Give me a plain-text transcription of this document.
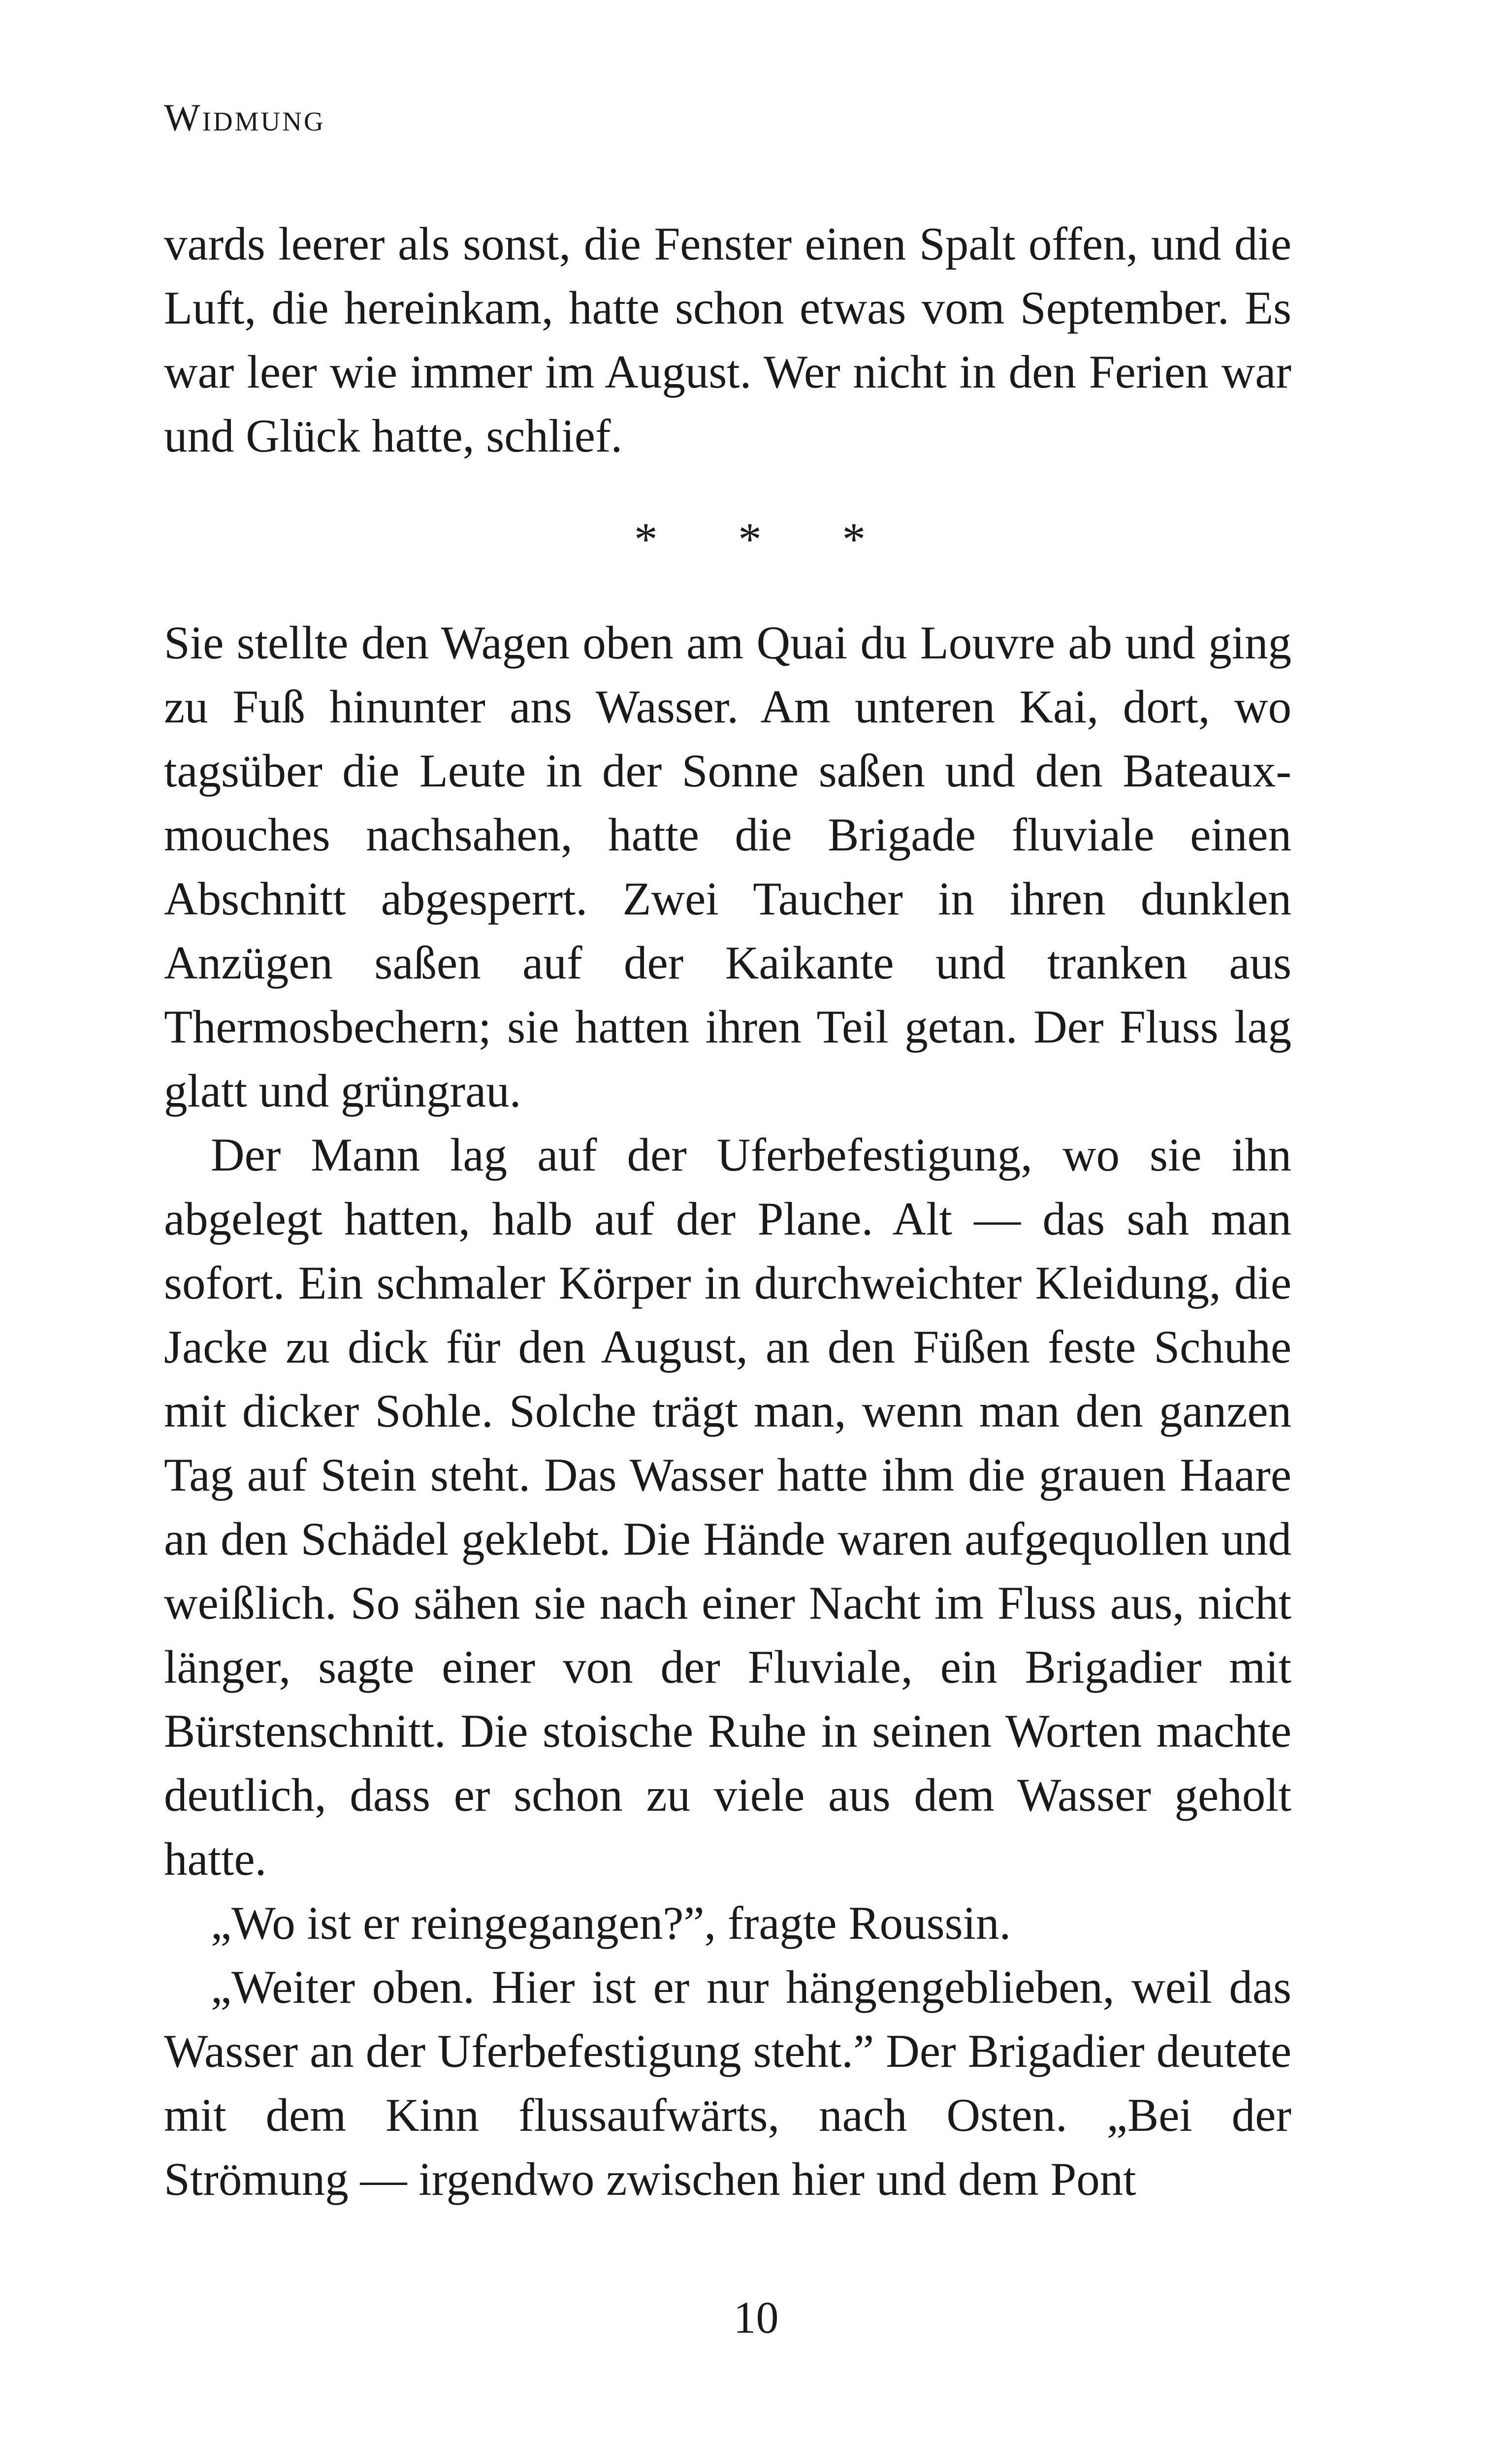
Widmung

vards leerer als sonst, die Fenster einen Spalt offen, und die Luft, die hereinkam, hatte schon etwas vom September. Es war leer wie immer im August. Wer nicht in den Ferien war und Glück hatte, schlief.

* * *

Sie stellte den Wagen oben am Quai du Louvre ab und ging zu Fuß hinunter ans Wasser. Am unteren Kai, dort, wo tagsüber die Leute in der Sonne saßen und den Bateaux-mouches nachsahen, hatte die Brigade fluviale einen Abschnitt abgesperrt. Zwei Taucher in ihren dunklen Anzügen saßen auf der Kaikante und tranken aus Thermosbechern; sie hatten ihren Teil getan. Der Fluss lag glatt und grüngrau.

Der Mann lag auf der Uferbefestigung, wo sie ihn abgelegt hatten, halb auf der Plane. Alt — das sah man sofort. Ein schmaler Körper in durchweichter Kleidung, die Jacke zu dick für den August, an den Füßen feste Schuhe mit dicker Sohle. Solche trägt man, wenn man den ganzen Tag auf Stein steht. Das Wasser hatte ihm die grauen Haare an den Schädel geklebt. Die Hände waren aufgequollen und weißlich. So sähen sie nach einer Nacht im Fluss aus, nicht länger, sagte einer von der Fluviale, ein Brigadier mit Bürstenschnitt. Die stoische Ruhe in seinen Worten machte deutlich, dass er schon zu viele aus dem Wasser geholt hatte.

„Wo ist er reingegangen?”, fragte Roussin.

„Weiter oben. Hier ist er nur hängengeblieben, weil das Wasser an der Uferbefestigung steht.” Der Brigadier deutete mit dem Kinn flussaufwärts, nach Osten. „Bei der Strömung — irgendwo zwischen hier und dem Pont

10
